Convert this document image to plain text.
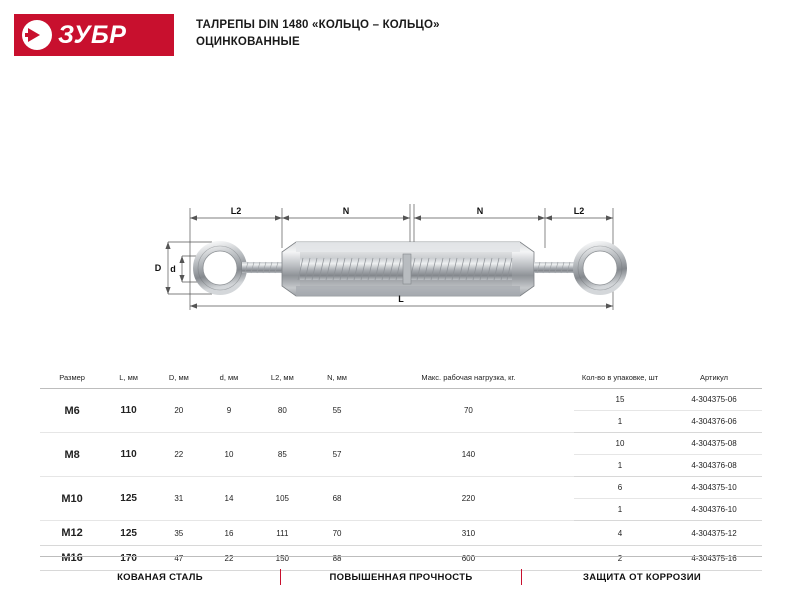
ЗУБР	ТАЛРЕПЫ DIN 1480 «КОЛЬЦО – КОЛЬЦО»
ОЦИНКОВАННЫЕ
L2	N	N	L2
L
D d
Размер	L, мм	D, мм	d, мм	L2, мм	N, мм	Макс. рабочая нагрузка, кг.	Кол-во в упаковке, шт	Артикул
M6	110	20	9	80	55	70	15	4-304375-06
							1	4-304376-06
M8	110	22	10	85	57	140	10	4-304375-08
							1	4-304376-08
M10	125	31	14	105	68	220	6	4-304375-10
							1	4-304376-10
M12	125	35	16	111	70	310	4	4-304375-12
M16	170	47	22	150	88	600	2	4-304375-16
КОВАНАЯ СТАЛЬ	ПОВЫШЕННАЯ ПРОЧНОСТЬ	ЗАЩИТА ОТ КОРРОЗИИ
